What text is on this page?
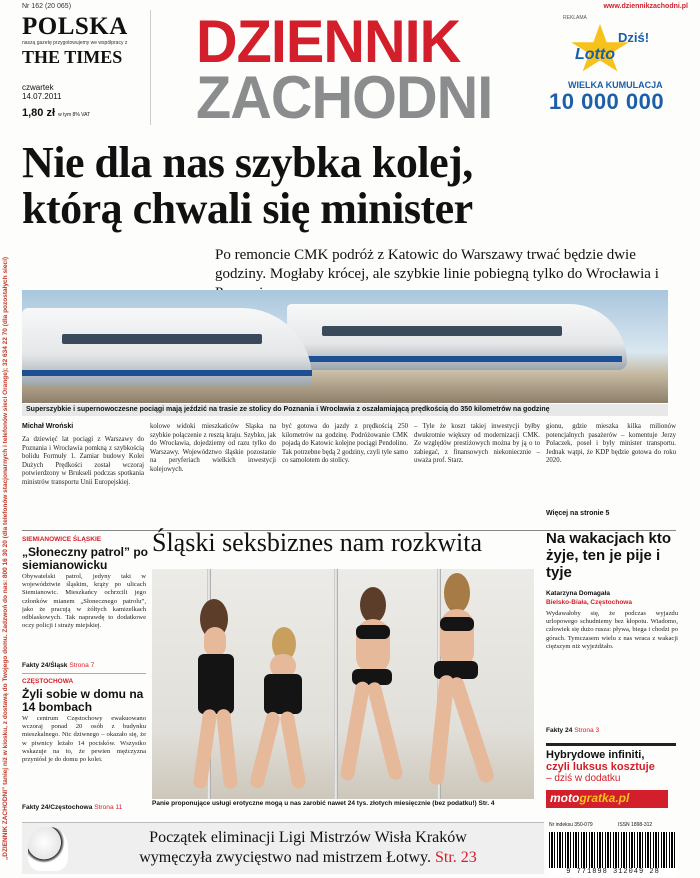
„DZIENNIK ZACHODNI” taniej niż w kiosku, z dostawą do Twojego domu. Zadzwoń do nas: 800 16 30 20 (dla telefonów stacjonarnych i telefonów sieci Orange); 32 634 22 70 (dla pozostałych sieci)
Nr 162 (20 065)
POLSKA
naszą gazetę przygotowujemy we współpracy z
THE TIMES
czwartek
14.07.2011
1,80 zł w tym 8% VAT
DZIENNIK
ZACHODNI
www.dziennikzachodni.pl
REKLAMA
Dziś!
Lotto
WIELKA KUMULACJA
10 000 000
Nie dla nas szybka kolej,
którą chwali się minister
Po remoncie CMK podróż z Katowic do Warszawy trwać będzie dwie godziny. Mogłaby krócej, ale szybkie linie pobiegną tylko do Wrocławia i
Superszybkie i supernowoczesne pociągi mają jeździć na trasie ze stolicy do Poznania i Wrocławia z oszałamiającą prędkością do 350 kilometrów na godzinę
Michał Wroński
Za dziewięć lat pociągi z Warszawy do Poznania i Wrocławia pomkną z szybkością bolidu Formuły 1. Zamiar budowy Kolei Dużych Prędkości został wczoraj potwierdzony w Brukseli podczas spotkania ministrów transportu Unii Europejskiej.
kolowe widoki mieszkańców Śląska na szybkie połączenie z resztą kraju. Szybko, jak do Wrocławia, dojedziemy od razu tylko do Warszawy. Województwo śląskie pozostanie na peryferiach wielkich inwestycji kolejowych.
być gotowa do jazdy z prędkością 250 kilometrów na godzinę. Podróżowanie CMK pojadą do Katowic kolejne pociągi Pendolino. Tak potrzebne będą 2 godziny, czyli tyle samo co samolotem do stolicy.
– Tyle że koszt takiej inwestycji byłby dwukrotnie większy od modernizacji CMK. Ze względów prestiżowych można by ją o to zabiegać, z finansowych niekoniecznie – uważa prof. Starz.
gionu, gdzie mieszka kilka milionów potencjalnych pasażerów – komentuje Jerzy Polaczek, poseł i były minister transportu. Jednak wątpi, że KDP będzie gotowa do roku 2020.
Więcej na stronie 5
SIEMIANOWICE ŚLĄSKIE
„Słoneczny patrol” po siemianowicku
Obywatelski patrol, jedyny taki w województwie śląskim, krąży po ulicach Siemianowic. Mieszkańcy ochrzcili jego członków mianem „Słonecznego patrolu”, jako że pracują w żółtych kamizelkach odblaskowych. Tak naprawdę to dodatkowe oczy policji i straży miejskiej.
Fakty 24/Śląsk Strona 7
CZĘSTOCHOWA
Żyli sobie w domu na 14 bombach
W centrum Częstochowy ewakuowano wczoraj ponad 20 osób z budynku mieszkalnego. Nic dziwnego – okazało się, że w piwnicy leżało 14 pocisków. Wszystko wskazuje na to, że pewien mężczyzna przyniósł je do domu po kolei.
Fakty 24/Częstochowa Strona 11
Śląski seksbiznes nam rozkwita
Panie proponujące usługi erotyczne mogą u nas zarobić nawet 24 tys. złotych miesięcznie (bez podatku!) Str. 4
Na wakacjach kto żyje, ten je pije i tyje
Katarzyna Domagała
Bielsko-Biała, Częstochowa
Wydawałoby się, że podczas wyjazdu urlopowego schudniemy bez kłopotu. Wiadomo, człowiek się dużo rusza: pływa, biega i chodzi po górach. Tymczasem wielu z nas wraca z wakacji cięższym niż wyjeżdżało.
Fakty 24 Strona 3
Hybrydowe infiniti,
czyli luksus kosztuje
– dziś w dodatku
motogratka.pl
Początek eliminacji Ligi Mistrzów Wisła Kraków
wymęczyła zwycięstwo nad mistrzem Łotwy. Str. 23
Nr indeksu 350-079	ISSN 1898-312
9 771898 312049 28
